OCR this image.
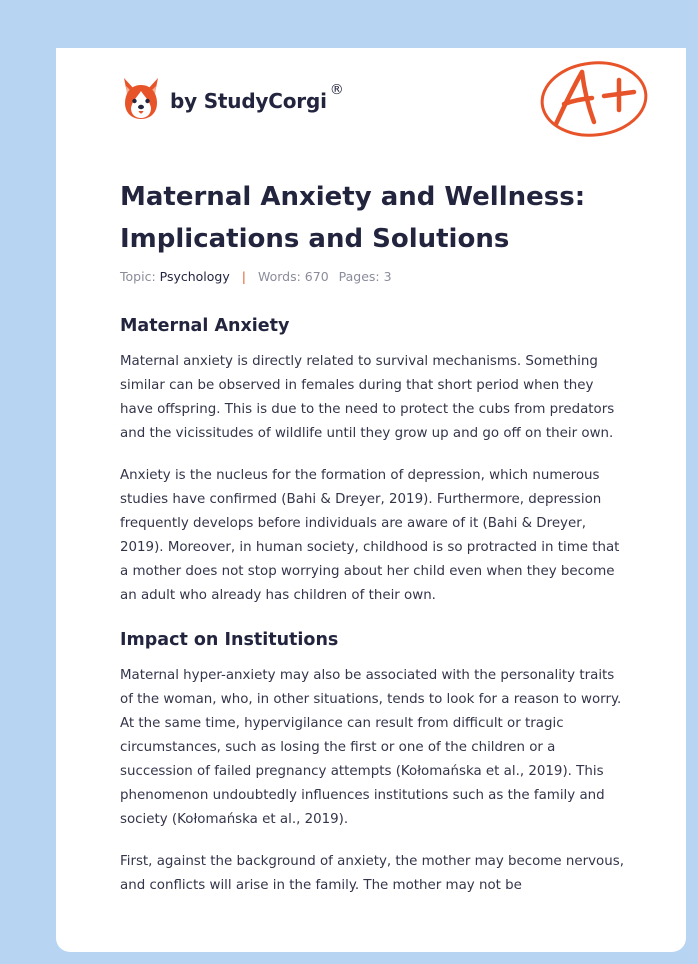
by StudyCorgi ®
Maternal Anxiety and Wellness: Implications and Solutions
Topic: Psychology | Words: 670 Pages: 3
Maternal Anxiety

Maternal anxiety is directly related to survival mechanisms. Something similar can be observed in females during that short period when they have offspring. This is due to the need to protect the cubs from predators and the vicissitudes of wildlife until they grow up and go off on their own.

Anxiety is the nucleus for the formation of depression, which numerous studies have confirmed (Bahi & Dreyer, 2019). Furthermore, depression frequently develops before individuals are aware of it (Bahi & Dreyer, 2019). Moreover, in human society, childhood is so protracted in time that a mother does not stop worrying about her child even when they become an adult who already has children of their own.

Impact on Institutions

Maternal hyper-anxiety may also be associated with the personality traits of the woman, who, in other situations, tends to look for a reason to worry. At the same time, hypervigilance can result from difficult or tragic circumstances, such as losing the first or one of the children or a succession of failed pregnancy attempts (Kołomańska et al., 2019). This phenomenon undoubtedly influences institutions such as the family and society (Kołomańska et al., 2019).

First, against the background of anxiety, the mother may become nervous, and conflicts will arise in the family. The mother may not be
